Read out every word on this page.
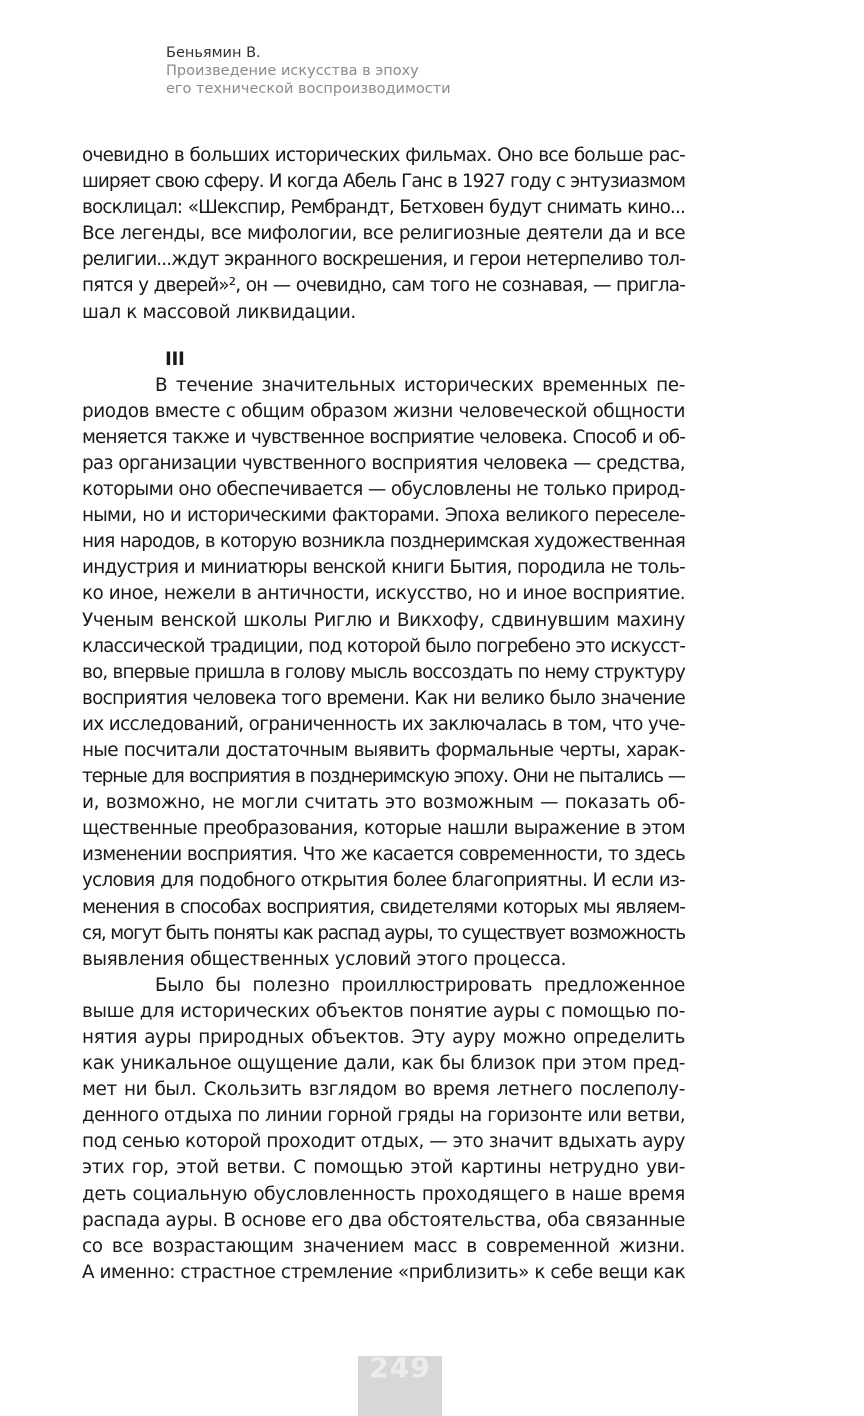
Беньямин В.
Произведение искусства в эпоху
его технической воспроизводимости

очевидно в больших исторических фильмах. Оно все больше рас-
ширяет свою сферу. И когда Абель Ганс в 1927 году с энтузиазмом
восклицал: «Шекспир, Рембрандт, Бетховен будут снимать кино...
Все легенды, все мифологии, все религиозные деятели да и все
религии...ждут экранного воскрешения, и герои нетерпеливо тол-
пятся у дверей»², он — очевидно, сам того не сознавая, — пригла-
шал к массовой ликвидации.

III

В течение значительных исторических временных пе-
риодов вместе с общим образом жизни человеческой общности
меняется также и чувственное восприятие человека. Способ и об-
раз организации чувственного восприятия человека — средства,
которыми оно обеспечивается — обусловлены не только природ-
ными, но и историческими факторами. Эпоха великого переселе-
ния народов, в которую возникла позднеримская художественная
индустрия и миниатюры венской книги Бытия, породила не толь-
ко иное, нежели в античности, искусство, но и иное восприятие.
Ученым венской школы Риглю и Викхофу, сдвинувшим махину
классической традиции, под которой было погребено это искусст-
во, впервые пришла в голову мысль воссоздать по нему структуру
восприятия человека того времени. Как ни велико было значение
их исследований, ограниченность их заключалась в том, что уче-
ные посчитали достаточным выявить формальные черты, харак-
терные для восприятия в позднеримскую эпоху. Они не пытались —
и, возможно, не могли считать это возможным — показать об-
щественные преобразования, которые нашли выражение в этом
изменении восприятия. Что же касается современности, то здесь
условия для подобного открытия более благоприятны. И если из-
менения в способах восприятия, свидетелями которых мы являем-
ся, могут быть поняты как распад ауры, то существует возможность
выявления общественных условий этого процесса.

Было бы полезно проиллюстрировать предложенное
выше для исторических объектов понятие ауры с помощью по-
нятия ауры природных объектов. Эту ауру можно определить
как уникальное ощущение дали, как бы близок при этом пред-
мет ни был. Скользить взглядом во время летнего послеполу-
денного отдыха по линии горной гряды на горизонте или ветви,
под сенью которой проходит отдых, — это значит вдыхать ауру
этих гор, этой ветви. С помощью этой картины нетрудно уви-
деть социальную обусловленность проходящего в наше время
распада ауры. В основе его два обстоятельства, оба связанные
со все возрастающим значением масс в современной жизни.
А именно: страстное стремление «приблизить» к себе вещи как

249
